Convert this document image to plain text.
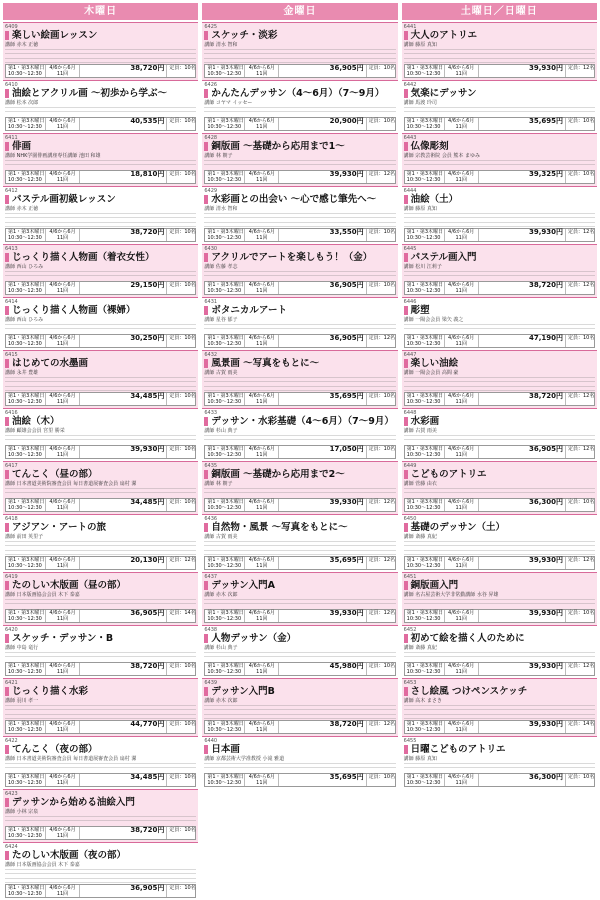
木曜日
6409
楽しい絵画レッスン
講師 赤木 正徳
第1・第3木曜日
10:30〜12:30
4/6から6月
11回
38,720円	定員：10名
6410
油絵とアクリル画 〜初歩から学ぶ〜
講師 松本 次郎
第1・第3木曜日
10:30〜12:30
4/6から6月
11回
40,535円	定員：10名
6411
俳画
講師 NHK学園俳画講座専任講師 池田 和雄
第1・第3木曜日
10:30〜12:30
4/6から6月
11回
18,810円	定員：10名
6412
パステル画初級レッスン
講師 赤木 正徳
第1・第3木曜日
10:30〜12:30
4/6から6月
11回
38,720円	定員：10名
6413
じっくり描く人物画（着衣女性）
講師 西山 ひろみ
第1・第3木曜日
10:30〜12:30
4/6から6月
11回
29,150円	定員：10名
6414
じっくり描く人物画（裸婦）
講師 西山 ひろみ
第1・第3木曜日
10:30〜12:30
4/6から6月
11回
30,250円	定員：10名
6415
はじめての水墨画
講師 永井 豊雄
第1・第3木曜日
10:30〜12:30
4/6から6月
11回
34,485円	定員：10名
6416
油絵（木）
講師 顧雄会会員 宮里 勝栄
第1・第3木曜日
10:30〜12:30
4/6から6月
11回
39,930円	定員：10名
6417
てんこく（昼の部）
講師 日本書道美術院審査会員 毎日書道展審査会員 扇村 潔
第1・第3木曜日
10:30〜12:30
4/6から6月
11回
34,485円	定員：10名
6418
アジアン・アートの旅
講師 前田 英里子
第1・第3木曜日
10:30〜12:30
4/6から6月
11回
20,130円	定員：12名
6419
たのしい木版画（昼の部）
講師 日本版画協会会員 木下 泰嘉
第1・第3木曜日
10:30〜12:30
4/6から6月
11回
36,905円	定員：14名
6420
スケッチ・デッサン・B
講師 中島 竜行
第1・第3木曜日
10:30〜12:30
4/6から6月
11回
38,720円	定員：10名
6421
じっくり描く水彩
講師 羽川 孝一
第1・第3木曜日
10:30〜12:30
4/6から6月
11回
44,770円	定員：10名
6422
てんこく（夜の部）
講師 日本書道美術院審査会員 毎日書道展審査会員 扇村 潔
第1・第3木曜日
10:30〜12:30
4/6から6月
11回
34,485円	定員：10名
6423
デッサンから始める油絵入門
講師 小林 宗泉
第1・第3木曜日
10:30〜12:30
4/6から6月
11回
38,720円	定員：10名
6424
たのしい木版画（夜の部）
講師 日本版画協会会員 木下 泰嘉
第1・第3木曜日
10:30〜12:30
4/6から6月
11回
36,905円	定員：10名
金曜日
6425
スケッチ・淡彩
講師 清水 智和
第1・第3木曜日
10:30〜12:30
4/6から6月
11回
36,905円	定員：10名
6426
かんたんデッサン（4〜6月）（7〜9月）
講師 コヤマ イッセー
第1・第3木曜日
10:30〜12:30
4/6から6月
11回
20,900円	定員：10名
6428
銅版画 〜基礎から応用まで1〜
講師 林 朝子
第1・第3木曜日
10:30〜12:30
4/6から6月
11回
39,930円	定員：12名
6429
水彩画との出会い 〜心で感じ筆先へ〜
講師 清水 智和
第1・第3木曜日
10:30〜12:30
4/6から6月
11回
33,550円	定員：10名
6430
アクリルでアートを楽しもう！（金）
講師 佐藤 孝志
第1・第3木曜日
10:30〜12:30
4/6から6月
11回
36,905円	定員：10名
6431
ボタニカルアート
講師 星谷 郁子
第1・第3木曜日
10:30〜12:30
4/6から6月
11回
36,905円	定員：12名
6432
風景画 〜写真をもとに〜
講師 古賀 雨美
第1・第3木曜日
10:30〜12:30
4/6から6月
11回
35,695円	定員：10名
6433
デッサン・水彩基礎（4〜6月）（7〜9月）
講師 杉山 典子
第1・第3木曜日
10:30〜12:30
4/6から6月
11回
17,050円	定員：10名
6435
銅版画 〜基礎から応用まで2〜
講師 林 朝子
第1・第3木曜日
10:30〜12:30
4/6から6月
11回
39,930円	定員：12名
6436
自然物・風景 〜写真をもとに〜
講師 古賀 雨美
第1・第3木曜日
10:30〜12:30
4/6から6月
11回
35,695円	定員：12名
6437
デッサン入門A
講師 赤木 次郎
第1・第3木曜日
10:30〜12:30
4/6から6月
11回
39,930円	定員：12名
6438
人物デッサン（金）
講師 杉山 典子
第1・第3木曜日
10:30〜12:30
4/6から6月
11回
45,980円	定員：10名
6439
デッサン入門B
講師 赤木 次郎
第1・第3木曜日
10:30〜12:30
4/6から6月
11回
38,720円	定員：12名
6440
日本画
講師 京都芸術大学准教授 小滝 雅道
第1・第3木曜日
10:30〜12:30
4/6から6月
11回
35,695円	定員：10名
土曜日／日曜日
6441
大人のアトリエ
講師 藤原 真知
第1・第3木曜日
10:30〜12:30
4/6から6月
11回
39,930円	定員：12名
6442
気楽にデッサン
講師 馬渡 玲司
第1・第3木曜日
10:30〜12:30
4/6から6月
11回
35,695円	定員：10名
6443
仏像彫刻
講師 宗教芸術院 会員 熊本 まゆみ
第1・第3木曜日
10:30〜12:30
4/6から6月
11回
39,325円	定員：10名
6444
油絵（土）
講師 藤原 真知
第1・第3木曜日
10:30〜12:30
4/6から6月
11回
39,930円	定員：12名
6445
パステル画入門
講師 松川 江莉子
第1・第3木曜日
10:30〜12:30
4/6から6月
11回
38,720円	定員：12名
6446
彫塑
講師 一陽会会員 梁矢 義之
第1・第3木曜日
10:30〜12:30
4/6から6月
11回
47,190円	定員：10名
6447
楽しい油絵
講師 一陽会会員 高間 豪
第1・第3木曜日
10:30〜12:30
4/6から6月
11回
38,720円	定員：12名
6448
水彩画
講師 古賀 雨美
第1・第3木曜日
10:30〜12:30
4/6から6月
11回
36,905円	定員：12名
6449
こどものアトリエ
講師 菅藤 由衣
第1・第3木曜日
10:30〜12:30
4/6から6月
11回
36,300円	定員：10名
6450
基礎のデッサン（土）
講師 斎藤 真紀
第1・第3木曜日
10:30〜12:30
4/6から6月
11回
39,930円	定員：12名
6451
銅版画入門
講師 名古屋芸術大学非常勤講師 水谷 昇雄
第1・第3木曜日
10:30〜12:30
4/6から6月
11回
39,930円	定員：10名
6452
初めて絵を描く人のために
講師 斎藤 真紀
第1・第3木曜日
10:30〜12:30
4/6から6月
11回
39,930円	定員：12名
6453
さし絵風 つけペンスケッチ
講師 高木 まさき
第1・第3木曜日
10:30〜12:30
4/6から6月
11回
39,930円	定員：14名
6455
日曜こどものアトリエ
講師 藤原 真知
第1・第3木曜日
10:30〜12:30
4/6から6月
11回
36,300円	定員：10名
